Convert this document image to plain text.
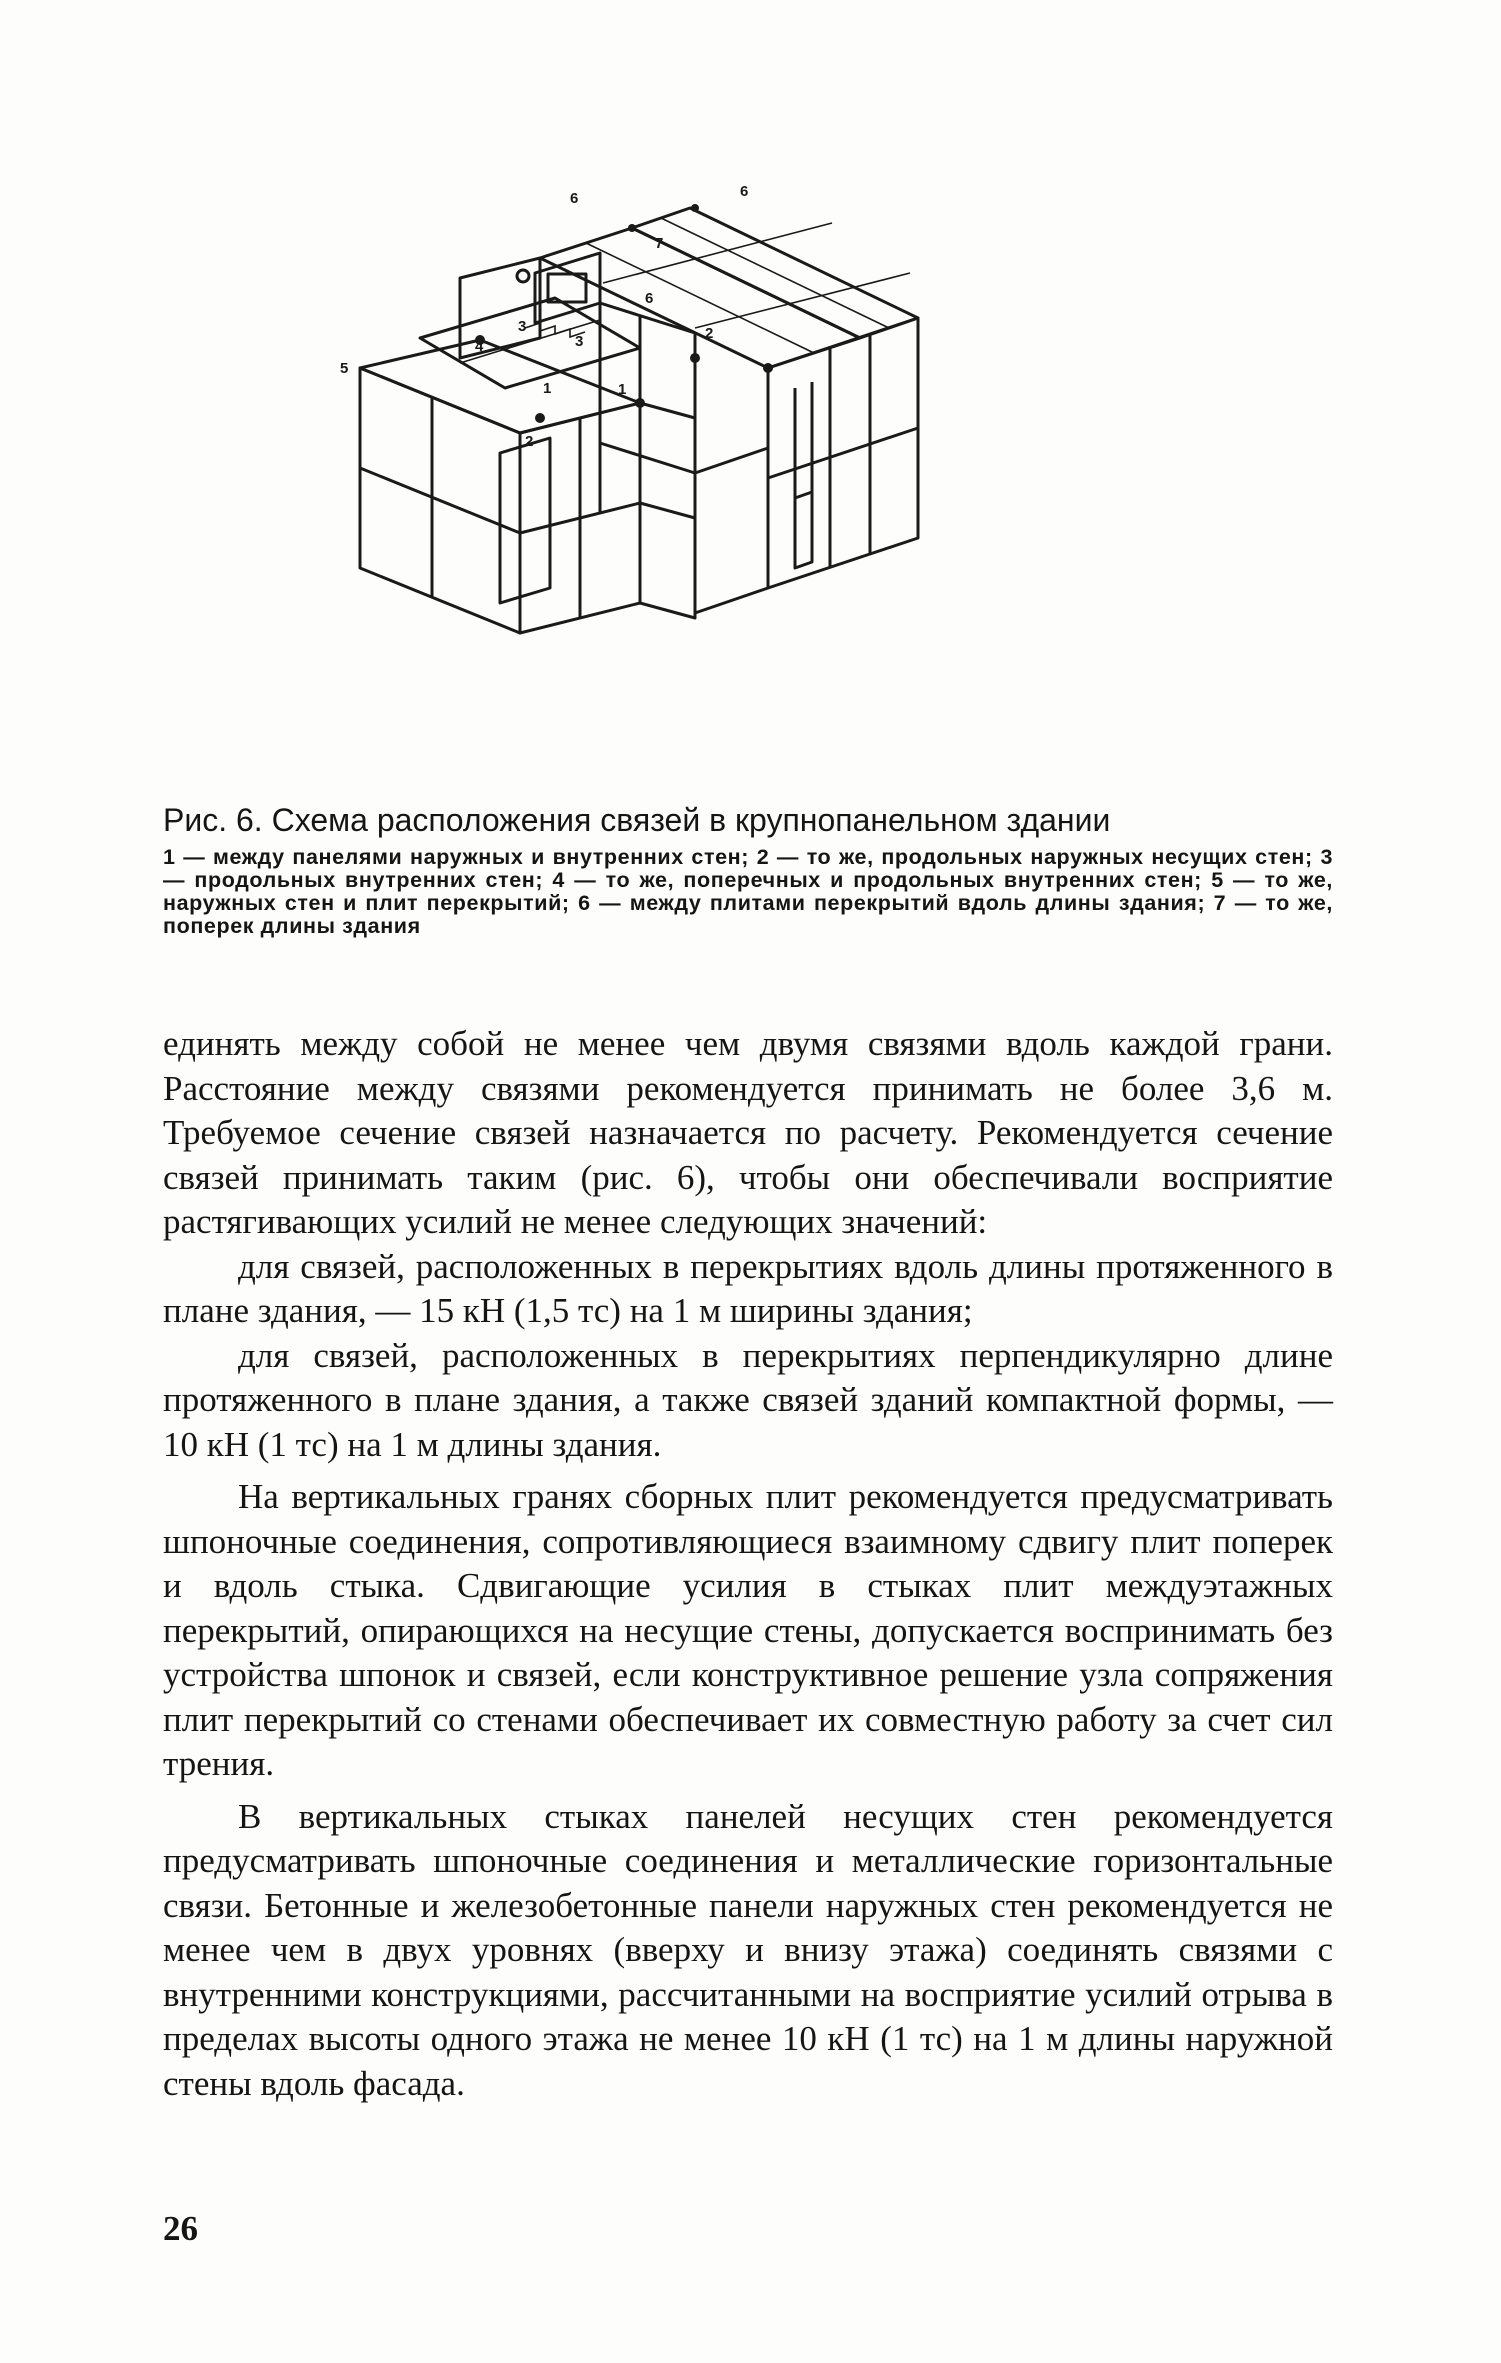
6	6
7
6
3
3	2
4
5
1	1
2

Рис. 6. Схема расположения связей в крупнопанельном здании

1 — между панелями наружных и внутренних стен; 2 — то же, продольных наружных несущих стен; 3 — продольных внутренних стен; 4 — то же, поперечных и продольных внутренних стен; 5 — то же, наружных стен и плит перекрытий; 6 — между плитами перекрытий вдоль длины здания; 7 — то же, поперек длины здания

единять между собой не менее чем двумя связями вдоль каждой грани. Расстояние между связями рекомендуется принимать не более 3,6 м. Требуемое сечение связей назначается по расчету. Рекомендуется сечение связей принимать таким (рис. 6), чтобы они обеспечивали восприятие растягивающих усилий не менее следующих значений:

для связей, расположенных в перекрытиях вдоль длины протяженного в плане здания, — 15 кН (1,5 тс) на 1 м ширины здания;

для связей, расположенных в перекрытиях перпендикулярно длине протяженного в плане здания, а также связей зданий компактной формы, — 10 кН (1 тс) на 1 м длины здания.

На вертикальных гранях сборных плит рекомендуется предусматривать шпоночные соединения, сопротивляющиеся взаимному сдвигу плит поперек и вдоль стыка. Сдвигающие усилия в стыках плит междуэтажных перекрытий, опирающихся на несущие стены, допускается воспринимать без устройства шпонок и связей, если конструктивное решение узла сопряжения плит перекрытий со стенами обеспечивает их совместную работу за счет сил трения.

В вертикальных стыках панелей несущих стен рекомендуется предусматривать шпоночные соединения и металлические горизонтальные связи. Бетонные и железобетонные панели наружных стен рекомендуется не менее чем в двух уровнях (вверху и внизу этажа) соединять связями с внутренними конструкциями, рассчитанными на восприятие усилий отрыва в пределах высоты одного этажа не менее 10 кН (1 тс) на 1 м длины наружной стены вдоль фасада.

26
